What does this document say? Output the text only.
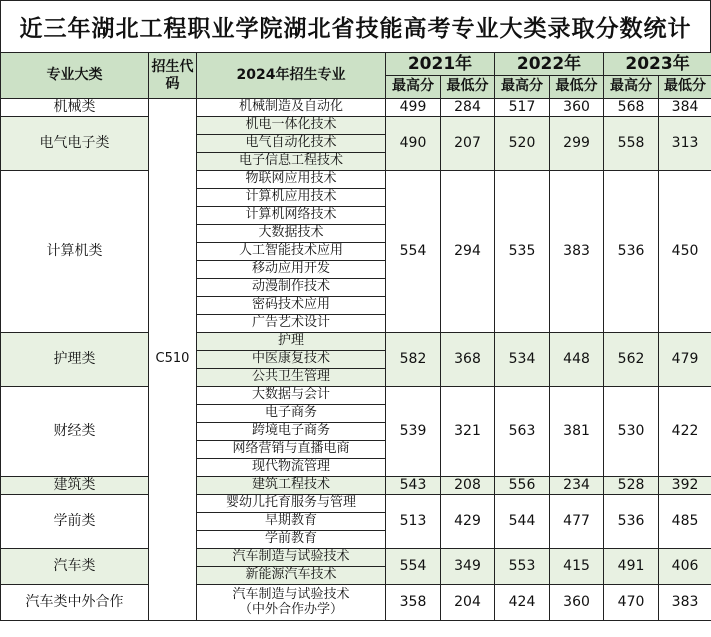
近三年湖北工程职业学院湖北省技能高考专业大类录取分数统计
专业大类	招生代码	2024年招生专业	2021年		2022年		2023年	
			最高分	最低分	最高分	最低分	最高分	最低分
机械类	C510	机械制造及自动化	499	284	517	360	568	384
电气电子类		机电一体化技术	490	207	520	299	558	313
		电气自动化技术						
		电子信息工程技术						
计算机类		物联网应用技术	554	294	535	383	536	450
		计算机应用技术						
		计算机网络技术						
		大数据技术						
		人工智能技术应用						
		移动应用开发						
		动漫制作技术						
		密码技术应用						
		广告艺术设计						
护理类		护理	582	368	534	448	562	479
		中医康复技术						
		公共卫生管理						
财经类		大数据与会计	539	321	563	381	530	422
		电子商务						
		跨境电子商务						
		网络营销与直播电商						
		现代物流管理						
建筑类		建筑工程技术	543	208	556	234	528	392
学前类		婴幼儿托育服务与管理	513	429	544	477	536	485
		早期教育						
		学前教育						
汽车类		汽车制造与试验技术	554	349	553	415	491	406
		新能源汽车技术						
汽车类中外合作		汽车制造与试验技术
（中外合作办学）	358	204	424	360	470	383
